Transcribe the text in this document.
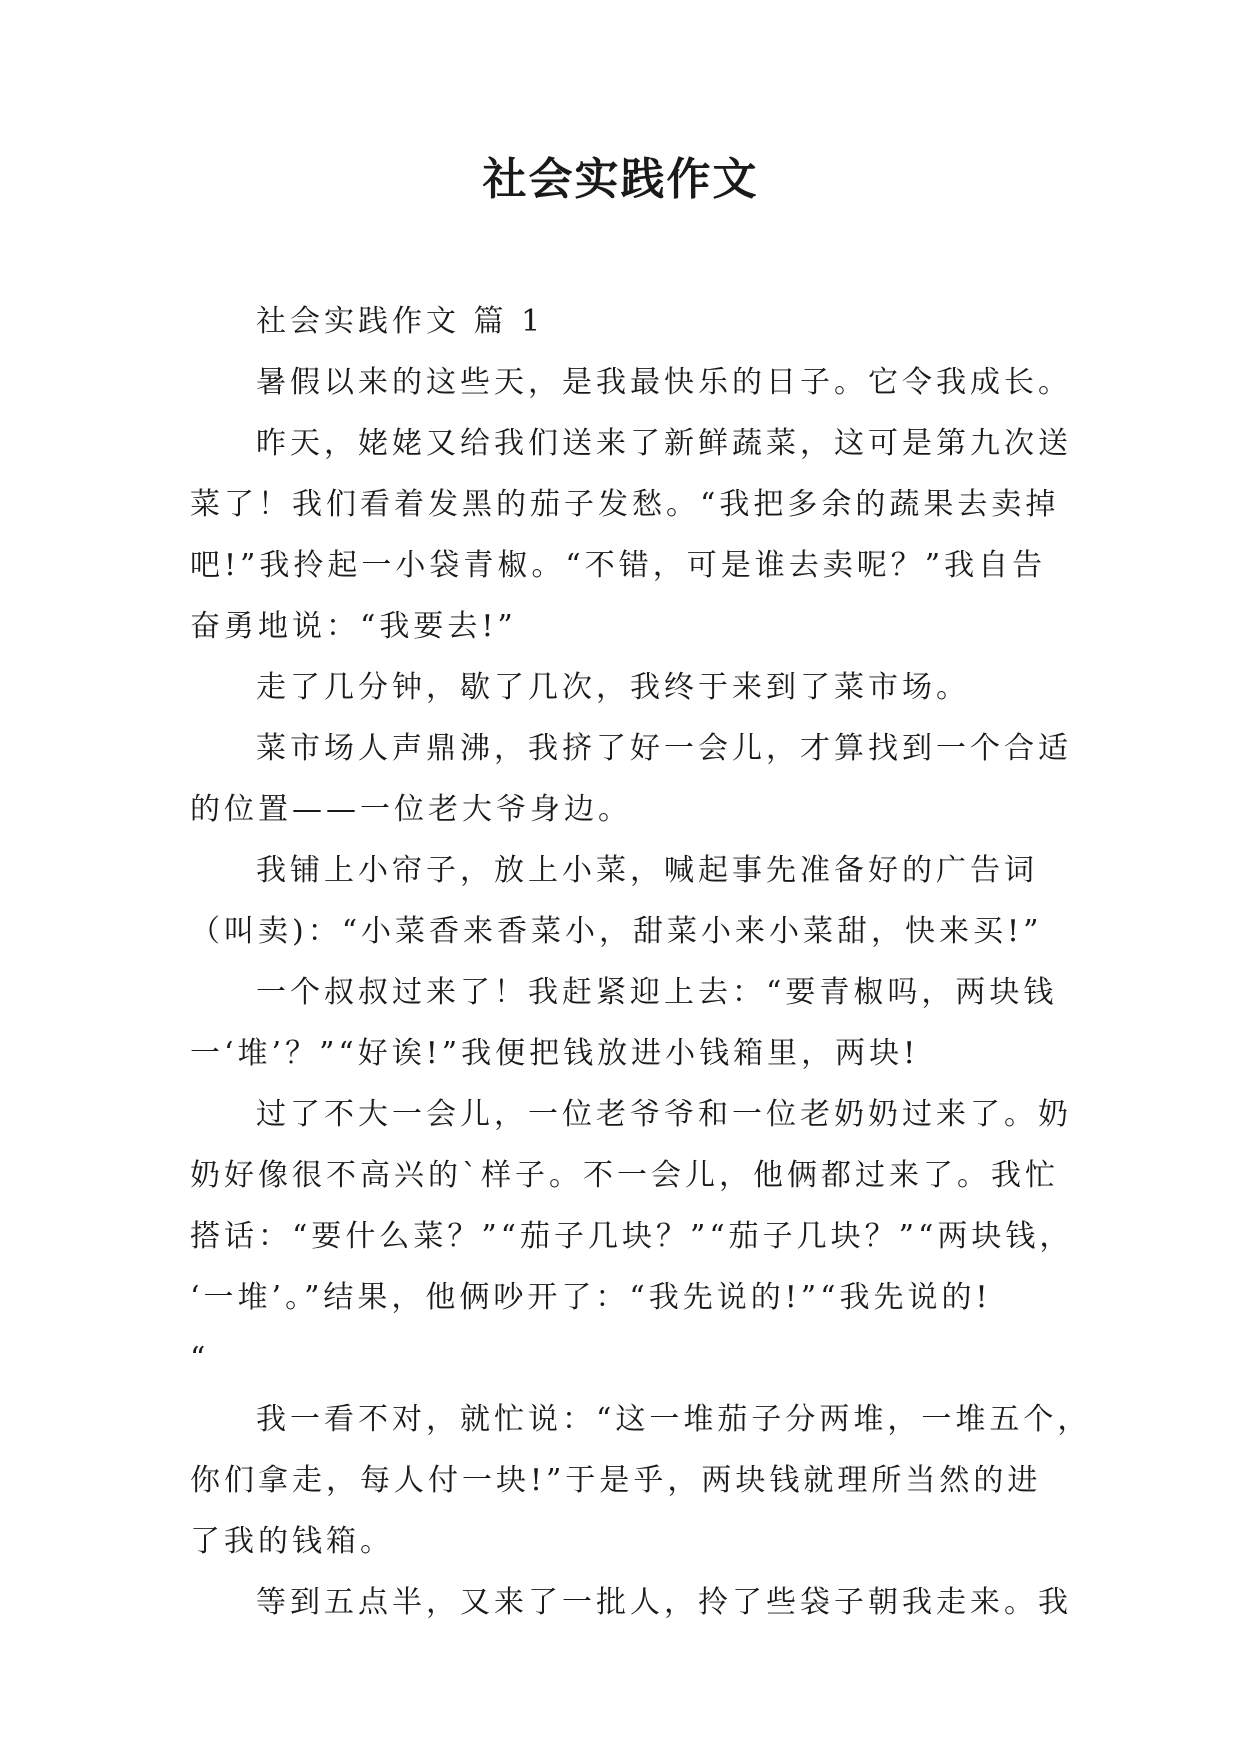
社会实践作文

社会实践作文 篇 1

暑假以来的这些天，是我最快乐的日子。它令我成长。

昨天，姥姥又给我们送来了新鲜蔬菜，这可是第九次送

菜了！我们看着发黑的茄子发愁。“我把多余的蔬果去卖掉

吧!”我拎起一小袋青椒。“不错，可是谁去卖呢？”我自告

奋勇地说：“我要去!”

走了几分钟，歇了几次，我终于来到了菜市场。

菜市场人声鼎沸，我挤了好一会儿，才算找到一个合适

的位置——一位老大爷身边。

我铺上小帘子，放上小菜，喊起事先准备好的广告词

（叫卖)：“小菜香来香菜小，甜菜小来小菜甜，快来买!”

一个叔叔过来了！我赶紧迎上去：“要青椒吗，两块钱

一‘堆’？”“好诶!”我便把钱放进小钱箱里，两块!

过了不大一会儿，一位老爷爷和一位老奶奶过来了。奶

奶好像很不高兴的`样子。不一会儿，他俩都过来了。我忙

搭话：“要什么菜？”“茄子几块？”“茄子几块？”“两块钱，

‘一堆’。”结果，他俩吵开了：“我先说的!”“我先说的!

“

我一看不对，就忙说：“这一堆茄子分两堆，一堆五个，

你们拿走，每人付一块!”于是乎，两块钱就理所当然的进

了我的钱箱。

等到五点半，又来了一批人，拎了些袋子朝我走来。我
